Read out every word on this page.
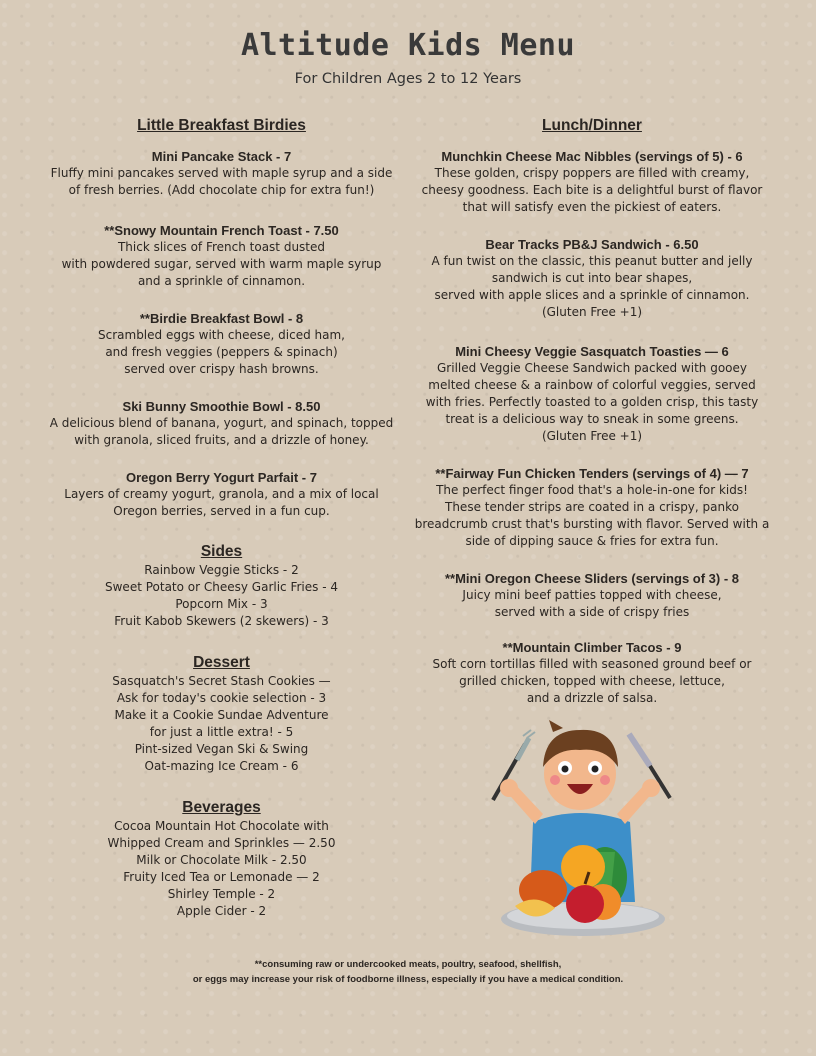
Altitude Kids Menu
For Children Ages 2 to 12 Years

Little Breakfast Birdies

Mini Pancake Stack - 7

Fluffy mini pancakes served with maple syrup and a side
of fresh berries. (Add chocolate chip for extra fun!)

**Snowy Mountain French Toast - 7.50

Thick slices of French toast dusted
with powdered sugar, served with warm maple syrup
and a sprinkle of cinnamon.

**Birdie Breakfast Bowl - 8

Scrambled eggs with cheese, diced ham,
and fresh veggies (peppers & spinach)
served over crispy hash browns.

Ski Bunny Smoothie Bowl - 8.50

A delicious blend of banana, yogurt, and spinach, topped
with granola, sliced fruits, and a drizzle of honey.

Oregon Berry Yogurt Parfait - 7

Layers of creamy yogurt, granola, and a mix of local
Oregon berries, served in a fun cup.

Sides

Rainbow Veggie Sticks - 2

Sweet Potato or Cheesy Garlic Fries - 4

Popcorn Mix - 3

Fruit Kabob Skewers (2 skewers) - 3

Dessert

Sasquatch's Secret Stash Cookies —

Ask for today's cookie selection - 3

Make it a Cookie Sundae Adventure

for just a little extra! - 5

Pint-sized Vegan Ski & Swing

Oat-mazing Ice Cream - 6

Beverages

Cocoa Mountain Hot Chocolate with

Whipped Cream and Sprinkles — 2.50

Milk or Chocolate Milk - 2.50

Fruity Iced Tea or Lemonade — 2

Shirley Temple - 2

Apple Cider - 2

Lunch/Dinner

Munchkin Cheese Mac Nibbles (servings of 5) - 6

These golden, crispy poppers are filled with creamy,
cheesy goodness. Each bite is a delightful burst of flavor
that will satisfy even the pickiest of eaters.

Bear Tracks PB&J Sandwich - 6.50

A fun twist on the classic, this peanut butter and jelly
sandwich is cut into bear shapes,
served with apple slices and a sprinkle of cinnamon.
(Gluten Free +1)

Mini Cheesy Veggie Sasquatch Toasties — 6

Grilled Veggie Cheese Sandwich packed with gooey
melted cheese & a rainbow of colorful veggies, served
with fries. Perfectly toasted to a golden crisp, this tasty
treat is a delicious way to sneak in some greens.
(Gluten Free +1)

**Fairway Fun Chicken Tenders (servings of 4) — 7

The perfect finger food that's a hole-in-one for kids!
These tender strips are coated in a crispy, panko
breadcrumb crust that's bursting with flavor. Served with a
side of dipping sauce & fries for extra fun.

**Mini Oregon Cheese Sliders (servings of 3) - 8

Juicy mini beef patties topped with cheese,
served with a side of crispy fries

**Mountain Climber Tacos - 9

Soft corn tortillas filled with seasoned ground beef or
grilled chicken, topped with cheese, lettuce,
and a drizzle of salsa.

**consuming raw or undercooked meats, poultry, seafood, shellfish,
or eggs may increase your risk of foodborne illness, especially if you have a medical condition.
